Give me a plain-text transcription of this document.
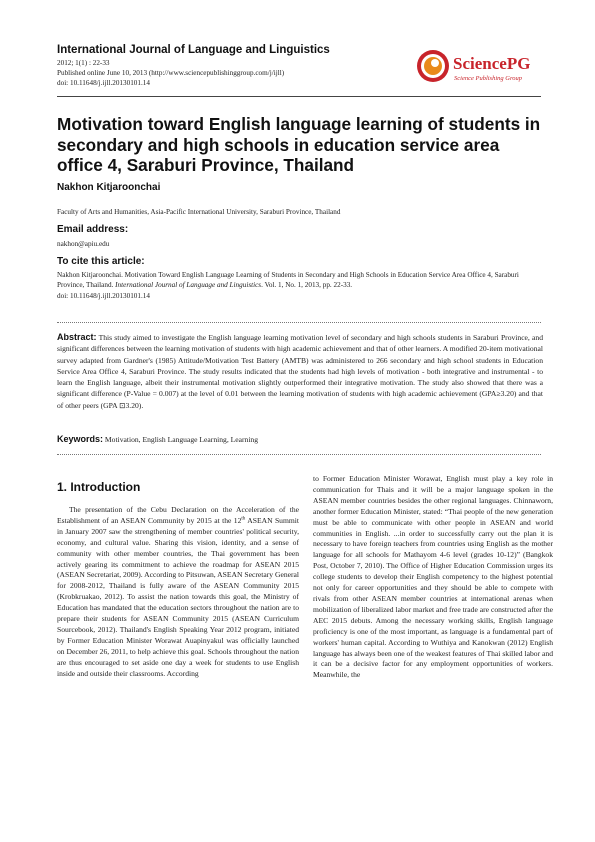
International Journal of Language and Linguistics
2012; 1(1) : 22-33
Published online June 10, 2013 (http://www.sciencepublishinggroup.com/j/ijll)
doi: 10.11648/j.ijll.20130101.14
SciencePG
Science Publishing Group
Motivation toward English language learning of students in secondary and high schools in education service area office 4, Saraburi Province, Thailand
Nakhon Kitjaroonchai
Faculty of Arts and Humanities, Asia-Pacific International University, Saraburi Province, Thailand
Email address:
nakhon@apiu.edu
To cite this article:
Nakhon Kitjaroonchai. Motivation Toward English Language Learning of Students in Secondary and High Schools in Education Service Area Office 4, Saraburi Province, Thailand. International Journal of Language and Linguistics. Vol. 1, No. 1, 2013, pp. 22-33.
doi: 10.11648/j.ijll.20130101.14

Abstract: This study aimed to investigate the English language learning motivation level of secondary and high schools students in Saraburi Province, and significant differences between the learning motivation of students with high academic achievement and that of other learners. A modified 20-item motivational survey adapted from Gardner's (1985) Attitude/Motivation Test Battery (AMTB) was administered to 266 secondary and high school students in Education Service Area Office 4, Saraburi Province. The study results indicated that the students had high levels of motivation - both integrative and instrumental - to learn the English language, albeit their instrumental motivation slightly outperformed their integrative motivation. The study also showed that there was a significant difference (P-Value = 0.007) at the level of 0.01 between the learning motivation of students with high academic achievement (GPA≥3.20) and that of other peers (GPA ⊡3.20).

Keywords: Motivation, English Language Learning, Learning
1. Introduction

The presentation of the Cebu Declaration on the Acceleration of the Establishment of an ASEAN Community by 2015 at the 12th ASEAN Summit in January 2007 saw the strengthening of member countries' political security, economy, and cultural value. Sharing this vision, identity, and a sense of community with other member countries, the Thai government has been actively gearing its commitment to achieve the roadmap for ASEAN 2015 (ASEAN Secretariat, 2009). According to Pitsuwan, ASEAN Secretary General for 2008-2012, Thailand is fully aware of the ASEAN Community 2015 (Krobkruakao, 2012). To assist the nation towards this goal, the Ministry of Education has mandated that the education sectors throughout the nation are to prepare their students for ASEAN Community 2015 (ASEAN Curriculum Sourcebook, 2012). Thailand's English Speaking Year 2012 program, initiated by Former Education Minister Worawat Auapinyakul was officially launched on December 26, 2011, to help achieve this goal. Schools throughout the nation are thus encouraged to set aside one day a week for students to use English inside and outside their classrooms. According

to Former Education Minister Worawat, English must play a key role in communication for Thais and it will be a major language spoken in the ASEAN member countries besides the other regional languages. Chinnaworn, another former Education Minister, stated: “Thai people of the new generation must be able to communicate with other people in ASEAN and world communities in English. ...in order to successfully carry out the plan it is necessary to have foreign teachers from countries using English as the mother language for all schools for Mathayom 4-6 level (grades 10-12)” (Bangkok Post, October 7, 2010). The Office of Higher Education Commission urges its college students to develop their English competency to the highest potential not only for career opportunities and they should be able to compete with rivals from other ASEAN member countries at international arenas when mobilization of liberalized labor market and free trade are constructed after the AEC 2015 debuts. Among the necessary working skills, English language proficiency is one of the most important, as language is a fundamental part of workers' human capital. According to Wuthiya and Kanokwan (2012) English language has always been one of the weakest features of Thai skilled labor and it can be a decisive factor for any employment opportunities of workers. Meanwhile, the
